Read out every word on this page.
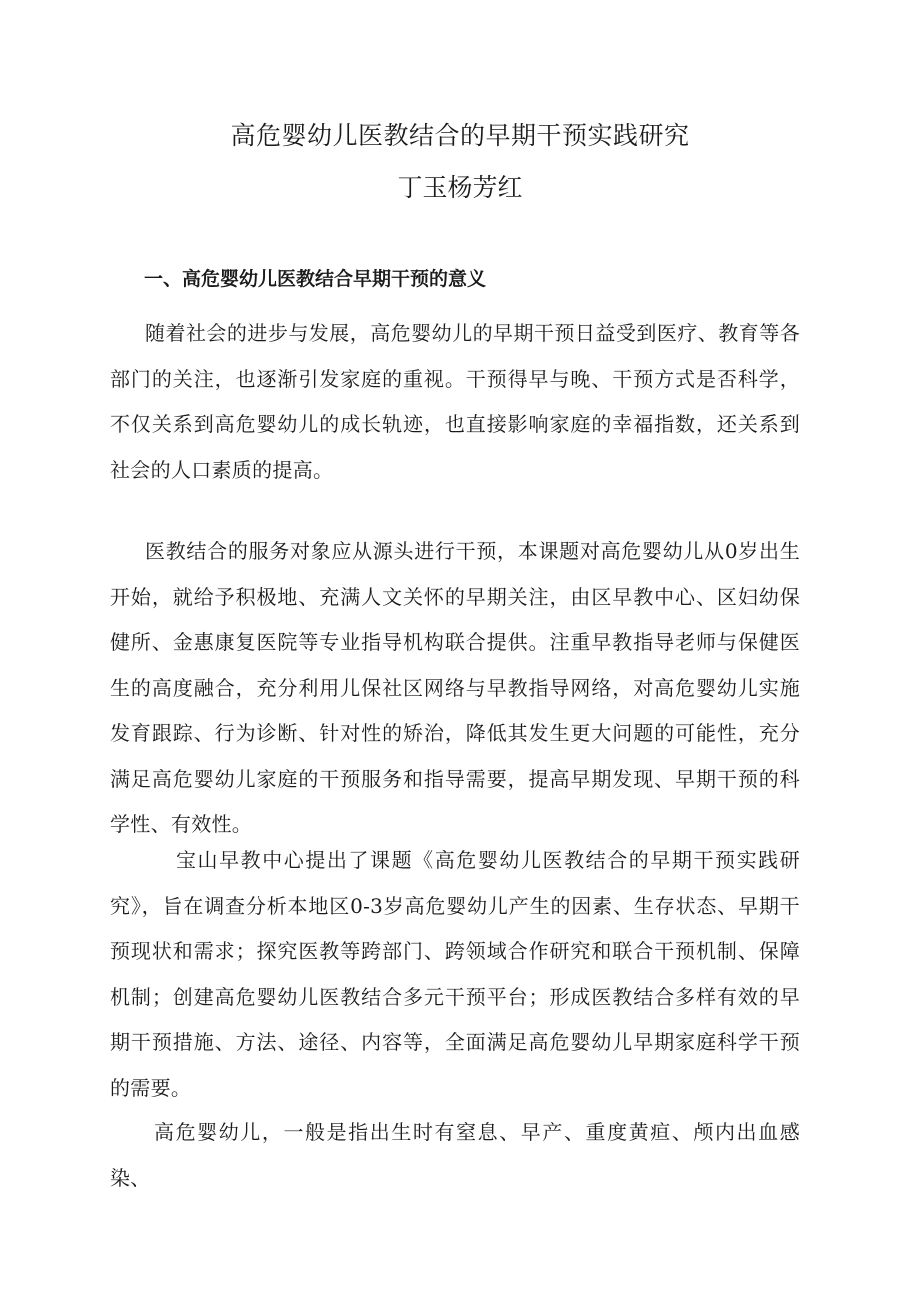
高危婴幼儿医教结合的早期干预实践研究
丁玉杨芳红
一、高危婴幼儿医教结合早期干预的意义

随着社会的进步与发展，高危婴幼儿的早期干预日益受到医疗、教育等各部门的关注，也逐渐引发家庭的重视。干预得早与晚、干预方式是否科学，不仅关系到高危婴幼儿的成长轨迹，也直接影响家庭的幸福指数，还关系到社会的人口素质的提高。

医教结合的服务对象应从源头进行干预，本课题对高危婴幼儿从0岁出生开始，就给予积极地、充满人文关怀的早期关注，由区早教中心、区妇幼保健所、金惠康复医院等专业指导机构联合提供。注重早教指导老师与保健医生的高度融合，充分利用儿保社区网络与早教指导网络，对高危婴幼儿实施发育跟踪、行为诊断、针对性的矫治，降低其发生更大问题的可能性，充分满足高危婴幼儿家庭的干预服务和指导需要，提高早期发现、早期干预的科学性、有效性。

宝山早教中心提出了课题《高危婴幼儿医教结合的早期干预实践研究》，旨在调查分析本地区0-3岁高危婴幼儿产生的因素、生存状态、早期干预现状和需求；探究医教等跨部门、跨领域合作研究和联合干预机制、保障机制；创建高危婴幼儿医教结合多元干预平台；形成医教结合多样有效的早期干预措施、方法、途径、内容等，全面满足高危婴幼儿早期家庭科学干预的需要。

高危婴幼儿，一般是指出生时有窒息、早产、重度黄疸、颅内出血感染、
